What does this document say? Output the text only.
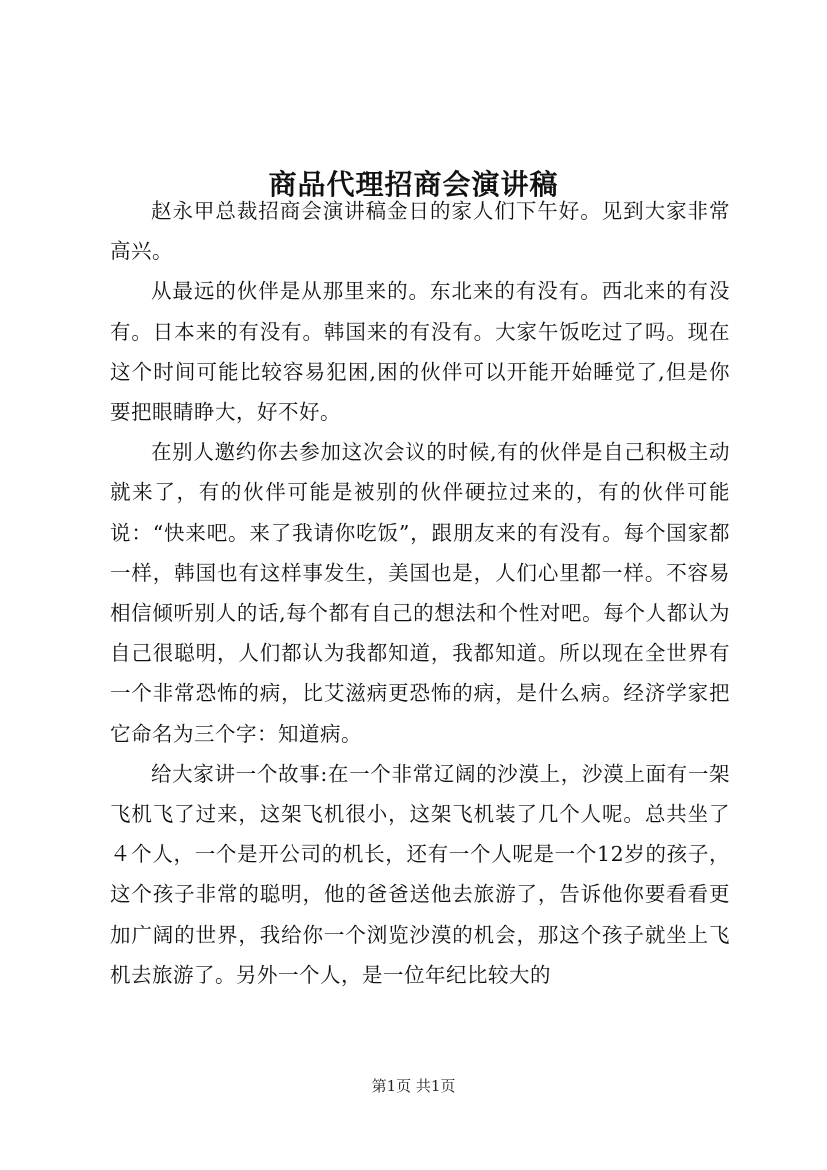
商品代理招商会演讲稿

赵永甲总裁招商会演讲稿金日的家人们下午好。见到大家非常高兴。

从最远的伙伴是从那里来的。东北来的有没有。西北来的有没有。日本来的有没有。韩国来的有没有。大家午饭吃过了吗。现在这个时间可能比较容易犯困,困的伙伴可以开能开始睡觉了,但是你要把眼睛睁大，好不好。

在别人邀约你去参加这次会议的时候,有的伙伴是自己积极主动就来了，有的伙伴可能是被别的伙伴硬拉过来的，有的伙伴可能说：“快来吧。来了我请你吃饭”，跟朋友来的有没有。每个国家都一样，韩国也有这样事发生，美国也是，人们心里都一样。不容易相信倾听别人的话,每个都有自己的想法和个性对吧。每个人都认为自己很聪明，人们都认为我都知道，我都知道。所以现在全世界有一个非常恐怖的病，比艾滋病更恐怖的病，是什么病。经济学家把它命名为三个字：知道病。

给大家讲一个故事:在一个非常辽阔的沙漠上，沙漠上面有一架飞机飞了过来，这架飞机很小，这架飞机装了几个人呢。总共坐了４个人，一个是开公司的机长，还有一个人呢是一个12岁的孩子，这个孩子非常的聪明，他的爸爸送他去旅游了，告诉他你要看看更加广阔的世界，我给你一个浏览沙漠的机会，那这个孩子就坐上飞机去旅游了。另外一个人，是一位年纪比较大的

第1页 共1页
